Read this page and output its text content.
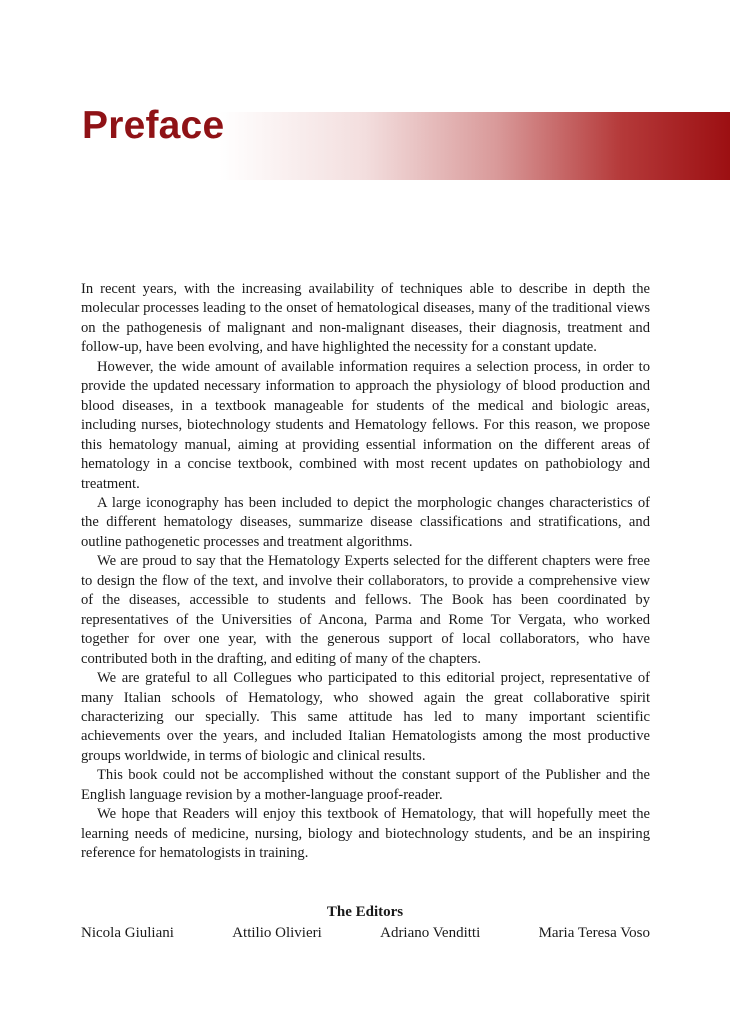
Preface

In recent years, with the increasing availability of techniques able to describe in depth the molecular processes leading to the onset of hematological diseases, many of the traditional views on the pathogenesis of malignant and non-malignant diseases, their diagnosis, treatment and follow-up, have been evolving, and have highlighted the necessity for a constant update.

However, the wide amount of available information requires a selection process, in order to provide the updated necessary information to approach the physiology of blood production and blood diseases, in a textbook manageable for students of the medical and biologic areas, including nurses, biotechnology students and Hematology fellows. For this reason, we propose this hematology manual, aiming at providing essential information on the different areas of hematology in a concise textbook, combined with most recent updates on pathobiology and treatment.

A large iconography has been included to depict the morphologic changes characteristics of the different hematology diseases, summarize disease classifications and stratifications, and outline pathogenetic processes and treatment algorithms.

We are proud to say that the Hematology Experts selected for the different chapters were free to design the flow of the text, and involve their collaborators, to provide a comprehensive view of the diseases, accessible to students and fellows. The Book has been coordinated by representatives of the Universities of Ancona, Parma and Rome Tor Vergata, who worked together for over one year, with the generous support of local collaborators, who have contributed both in the drafting, and editing of many of the chapters.

We are grateful to all Collegues who participated to this editorial project, representative of many Italian schools of Hematology, who showed again the great collaborative spirit characterizing our specially. This same attitude has led to many important scientific achievements over the years, and included Italian Hematologists among the most productive groups worldwide, in terms of biologic and clinical results.

This book could not be accomplished without the constant support of the Publisher and the English language revision by a mother-language proof-reader.

We hope that Readers will enjoy this textbook of Hematology, that will hopefully meet the learning needs of medicine, nursing, biology and biotechnology students, and be an inspiring reference for hematologists in training.

The Editors
Nicola Giuliani	Attilio Olivieri	Adriano Venditti	Maria Teresa Voso
